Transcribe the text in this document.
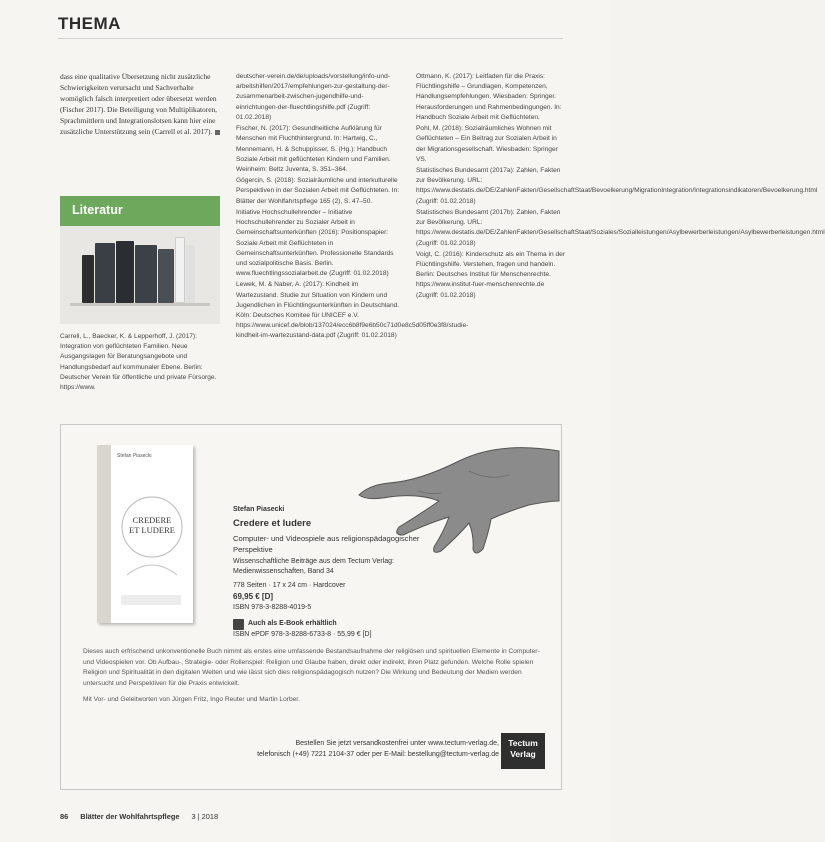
THEMA

dass eine qualitative Übersetzung nicht zusätzliche Schwierigkeiten verursacht und Sachverhalte womöglich falsch interpretiert oder übersetzt werden (Fischer 2017). Die Beteiligung von Multiplikatoren, Sprachmittlern und Integrationslotsen kann hier eine zusätzliche Unterstützung sein (Carrell et al. 2017).

Literatur

Carrell, L., Baecker, K. & Lepperhoff, J. (2017): Integration von geflüchteten Familien. Neue Ausgangslagen für Beratungsangebote und Handlungsbedarf auf kommunaler Ebene. Berlin: Deutscher Verein für öffentliche und private Fürsorge. https://www.

deutscher-verein.de/de/uploads/vorstellung/info-und-arbeitshilfen/2017/empfehlungen-zur-gestaltung-der-zusammenarbeit-zwischen-jugendhilfe-und-einrichtungen-der-fluechtlingshilfe.pdf (Zugriff: 01.02.2018)

Fischer, N. (2017): Gesundheitliche Aufklärung für Menschen mit Fluchthintergrund. In: Hartwig, C., Mennemann, H. & Schuppisser, S. (Hg.): Handbuch Soziale Arbeit mit geflüchteten Kindern und Familien. Weinheim: Beltz Juventa, S. 351–364.

Gögercin, S. (2018): Sozialräumliche und interkulturelle Perspektiven in der Sozialen Arbeit mit Geflüchteten. In: Blätter der Wohlfahrtspflege 165 (2), S. 47–50.

Initiative Hochschullehrender – Initiative Hochschullehrender zu Sozialer Arbeit in Gemeinschaftsunterkünften (2016): Positionspapier: Soziale Arbeit mit Geflüchteten in Gemeinschaftsunterkünften. Professionelle Standards und sozialpolitische Basis. Berlin. www.fluechtlingssozialarbeit.de (Zugriff: 01.02.2018)

Lewek, M. & Naber, A. (2017): Kindheit im Wartezustand. Studie zur Situation von Kindern und Jugendlichen in Flüchtlingsunterkünften in Deutschland. Köln: Deutsches Komitee für UNICEF e.V. https://www.unicef.de/blob/137024/ecc6b8f9e6b50c71d0e8c5d05ff0e3f8/studie-kindheit-im-wartezustand-data.pdf (Zugriff: 01.02.2018)

Ottmann, K. (2017): Leitfaden für die Praxis: Flüchtlingshilfe – Grundlagen, Kompetenzen, Handlungsempfehlungen. Wiesbaden: Springer. Herausforderungen und Rahmenbedingungen. In: Handbuch Soziale Arbeit mit Geflüchteten.

Pohl, M. (2018): Sozialräumliches Wohnen mit Geflüchteten – Ein Beitrag zur Sozialen Arbeit in der Migrationsgesellschaft. Wiesbaden: Springer VS.

Statistisches Bundesamt (2017a): Zahlen, Fakten zur Bevölkerung. URL: https://www.destatis.de/DE/ZahlenFakten/GesellschaftStaat/Bevoelkerung/MigrationIntegration/Integrationsindikatoren/Bevoelkerung.html (Zugriff: 01.02.2018)

Statistisches Bundesamt (2017b): Zahlen, Fakten zur Bevölkerung. URL: https://www.destatis.de/DE/ZahlenFakten/GesellschaftStaat/Soziales/Sozialleistungen/Asylbewerberleistungen/Asylbewerberleistungen.html (Zugriff: 01.02.2018)

Voigt, C. (2016): Kinderschutz als ein Thema in der Flüchtlingshilfe. Verstehen, fragen und handeln. Berlin: Deutsches Institut für Menschenrechte. https://www.institut-fuer-menschenrechte.de (Zugriff: 01.02.2018)

Stefan Piasecki
CREDERE
ET LUDERE
Stefan Piasecki
Credere et ludere
Computer- und Videospiele aus religionspädagogischer Perspektive
Wissenschaftliche Beiträge aus dem Tectum Verlag: Medienwissenschaften, Band 34
778 Seiten · 17 x 24 cm · Hardcover
69,95 € [D]
ISBN 978-3-8288-4019-5
Auch als E-Book erhältlich
ISBN ePDF 978-3-8288-6733-8 · 55,99 € [D]

Dieses auch erfrischend unkonventionelle Buch nimmt als erstes eine umfassende Bestandsaufnahme der religiösen und spirituellen Elemente in Computer- und Videospielen vor. Ob Aufbau-, Strategie- oder Rollenspiel: Religion und Glaube haben, direkt oder indirekt, ihren Platz gefunden. Welche Rolle spielen Religion und Spiritualität in den digitalen Welten und wie lässt sich dies religionspädagogisch nutzen? Die Wirkung und Bedeutung der Medien werden untersucht und Perspektiven für die Praxis entwickelt.

Mit Vor- und Geleitworten von Jürgen Fritz, Ingo Reuter und Martin Lorber.

Bestellen Sie jetzt versandkostenfrei unter www.tectum-verlag.de,
telefonisch (+49) 7221 2104-37 oder per E-Mail: bestellung@tectum-verlag.de
Tectum
Verlag
86 Blätter der Wohlfahrtspflege 3 | 2018
